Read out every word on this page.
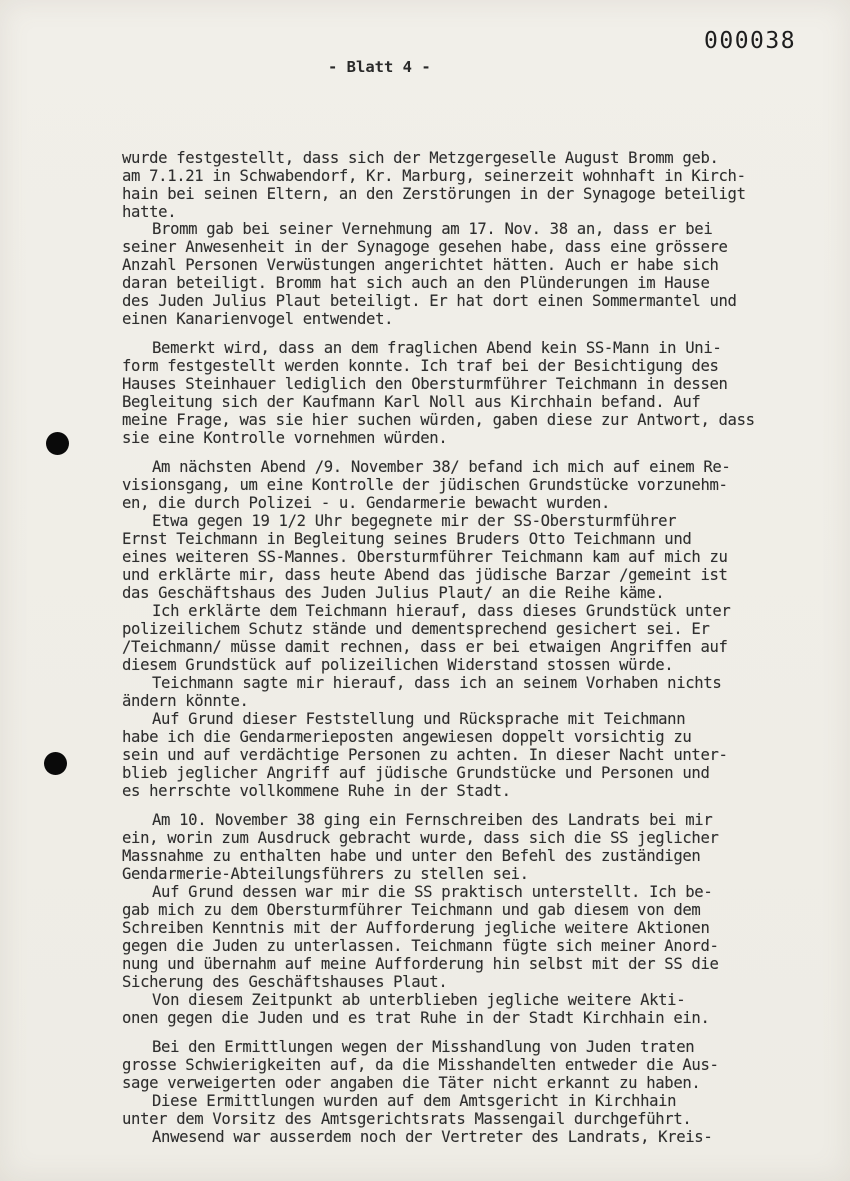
000038
- Blatt 4 -
wurde festgestellt, dass sich der Metzgergeselle August Bromm geb.
am 7.1.21 in Schwabendorf, Kr. Marburg, seinerzeit wohnhaft in Kirch-
hain bei seinen Eltern, an den Zerstörungen in der Synagoge beteiligt
hatte.
Bromm gab bei seiner Vernehmung am 17. Nov. 38 an, dass er bei
seiner Anwesenheit in der Synagoge gesehen habe, dass eine grössere
Anzahl Personen Verwüstungen angerichtet hätten. Auch er habe sich
daran beteiligt. Bromm hat sich auch an den Plünderungen im Hause
des Juden Julius Plaut beteiligt. Er hat dort einen Sommermantel und
einen Kanarienvogel entwendet.
Bemerkt wird, dass an dem fraglichen Abend kein SS-Mann in Uni-
form festgestellt werden konnte. Ich traf bei der Besichtigung des
Hauses Steinhauer lediglich den Obersturmführer Teichmann in dessen
Begleitung sich der Kaufmann Karl Noll aus Kirchhain befand. Auf
meine Frage, was sie hier suchen würden, gaben diese zur Antwort, dass
sie eine Kontrolle vornehmen würden.
Am nächsten Abend /9. November 38/ befand ich mich auf einem Re-
visionsgang, um eine Kontrolle der jüdischen Grundstücke vorzunehm-
en, die durch Polizei - u. Gendarmerie bewacht wurden.
Etwa gegen 19 1/2 Uhr begegnete mir der SS-Obersturmführer
Ernst Teichmann in Begleitung seines Bruders Otto Teichmann und
eines weiteren SS-Mannes. Obersturmführer Teichmann kam auf mich zu
und erklärte mir, dass heute Abend das jüdische Barzar /gemeint ist
das Geschäftshaus des Juden Julius Plaut/ an die Reihe käme.
Ich erklärte dem Teichmann hierauf, dass dieses Grundstück unter
polizeilichem Schutz stände und dementsprechend gesichert sei. Er
/Teichmann/ müsse damit rechnen, dass er bei etwaigen Angriffen auf
diesem Grundstück auf polizeilichen Widerstand stossen würde.
Teichmann sagte mir hierauf, dass ich an seinem Vorhaben nichts
ändern könnte.
Auf Grund dieser Feststellung und Rücksprache mit Teichmann
habe ich die Gendarmerieposten angewiesen doppelt vorsichtig zu
sein und auf verdächtige Personen zu achten. In dieser Nacht unter-
blieb jeglicher Angriff auf jüdische Grundstücke und Personen und
es herrschte vollkommene Ruhe in der Stadt.
Am 10. November 38 ging ein Fernschreiben des Landrats bei mir
ein, worin zum Ausdruck gebracht wurde, dass sich die SS jeglicher
Massnahme zu enthalten habe und unter den Befehl des zuständigen
Gendarmerie-Abteilungsführers zu stellen sei.
Auf Grund dessen war mir die SS praktisch unterstellt. Ich be-
gab mich zu dem Obersturmführer Teichmann und gab diesem von dem
Schreiben Kenntnis mit der Aufforderung jegliche weitere Aktionen
gegen die Juden zu unterlassen. Teichmann fügte sich meiner Anord-
nung und übernahm auf meine Aufforderung hin selbst mit der SS die
Sicherung des Geschäftshauses Plaut.
Von diesem Zeitpunkt ab unterblieben jegliche weitere Akti-
onen gegen die Juden und es trat Ruhe in der Stadt Kirchhain ein.
Bei den Ermittlungen wegen der Misshandlung von Juden traten
grosse Schwierigkeiten auf, da die Misshandelten entweder die Aus-
sage verweigerten oder angaben die Täter nicht erkannt zu haben.
Diese Ermittlungen wurden auf dem Amtsgericht in Kirchhain
unter dem Vorsitz des Amtsgerichtsrats Massengail durchgeführt.
Anwesend war ausserdem noch der Vertreter des Landrats, Kreis-
